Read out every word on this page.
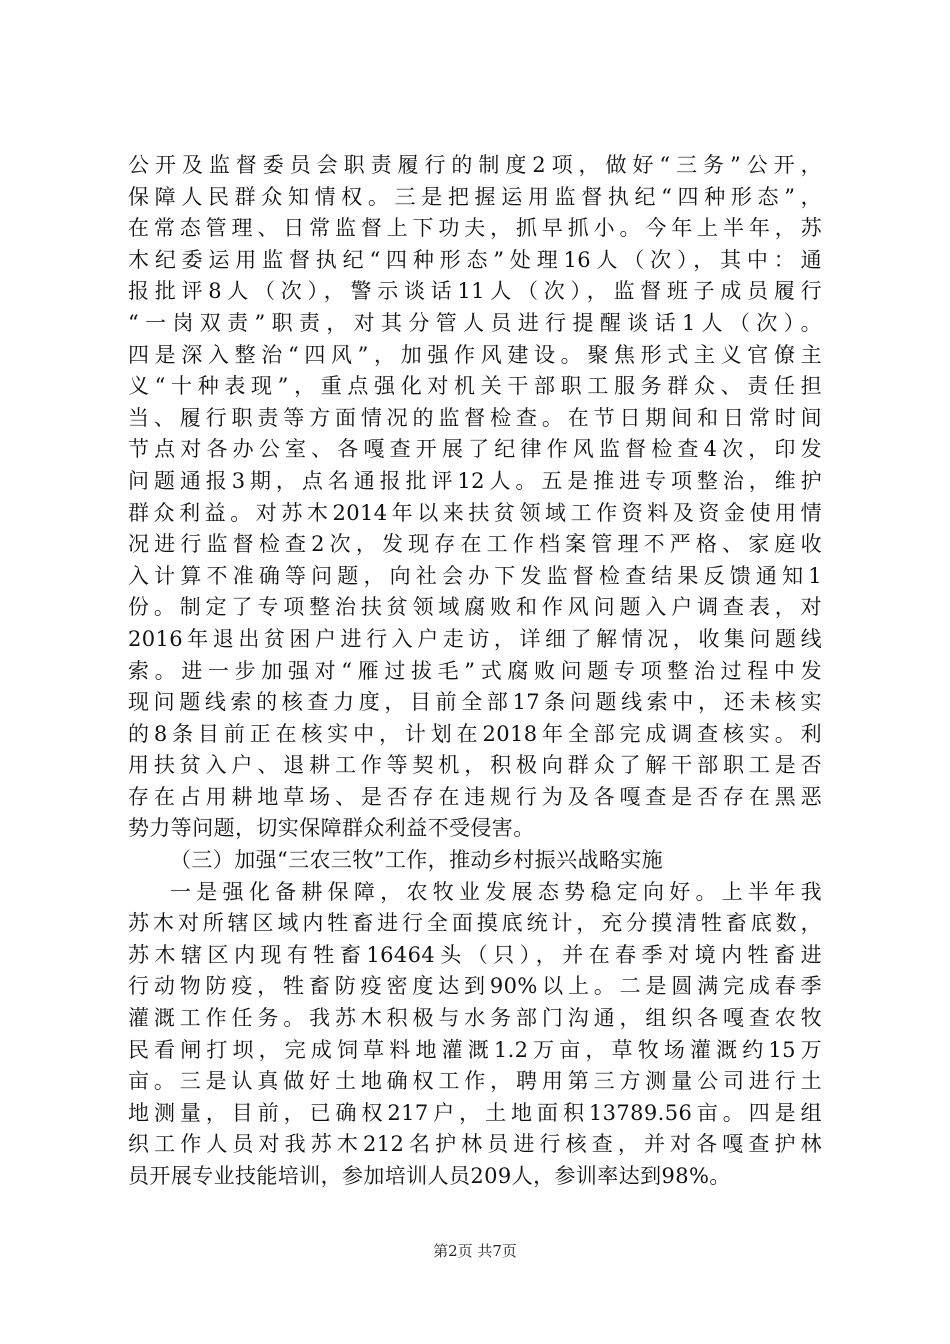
公开及监督委员会职责履行的制度2项，做好“三务”公开，
保障人民群众知情权。三是把握运用监督执纪“四种形态”，
在常态管理、日常监督上下功夫，抓早抓小。今年上半年，苏
木纪委运用监督执纪“四种形态”处理16人（次），其中：通
报批评8人（次），警示谈话11人（次），监督班子成员履行
“一岗双责”职责，对其分管人员进行提醒谈话1人（次）。
四是深入整治“四风”，加强作风建设。聚焦形式主义官僚主
义“十种表现”，重点强化对机关干部职工服务群众、责任担
当、履行职责等方面情况的监督检查。在节日期间和日常时间
节点对各办公室、各嘎查开展了纪律作风监督检查4次，印发
问题通报3期，点名通报批评12人。五是推进专项整治，维护
群众利益。对苏木2014年以来扶贫领域工作资料及资金使用情
况进行监督检查2次，发现存在工作档案管理不严格、家庭收
入计算不准确等问题，向社会办下发监督检查结果反馈通知1
份。制定了专项整治扶贫领域腐败和作风问题入户调查表，对
2016年退出贫困户进行入户走访，详细了解情况，收集问题线
索。进一步加强对“雁过拔毛”式腐败问题专项整治过程中发
现问题线索的核查力度，目前全部17条问题线索中，还未核实
的8条目前正在核实中，计划在2018年全部完成调查核实。利
用扶贫入户、退耕工作等契机，积极向群众了解干部职工是否
存在占用耕地草场、是否存在违规行为及各嘎查是否存在黑恶
势力等问题，切实保障群众利益不受侵害。
（三）加强“三农三牧”工作，推动乡村振兴战略实施
一是强化备耕保障，农牧业发展态势稳定向好。上半年我
苏木对所辖区域内牲畜进行全面摸底统计，充分摸清牲畜底数，
苏木辖区内现有牲畜16464头（只），并在春季对境内牲畜进
行动物防疫，牲畜防疫密度达到90%以上。二是圆满完成春季
灌溉工作任务。我苏木积极与水务部门沟通，组织各嘎查农牧
民看闸打坝，完成饲草料地灌溉1.2万亩，草牧场灌溉约15万
亩。三是认真做好土地确权工作，聘用第三方测量公司进行土
地测量，目前，已确权217户，土地面积13789.56亩。四是组
织工作人员对我苏木212名护林员进行核查，并对各嘎查护林
员开展专业技能培训，参加培训人员209人，参训率达到98%。
第2页 共7页
